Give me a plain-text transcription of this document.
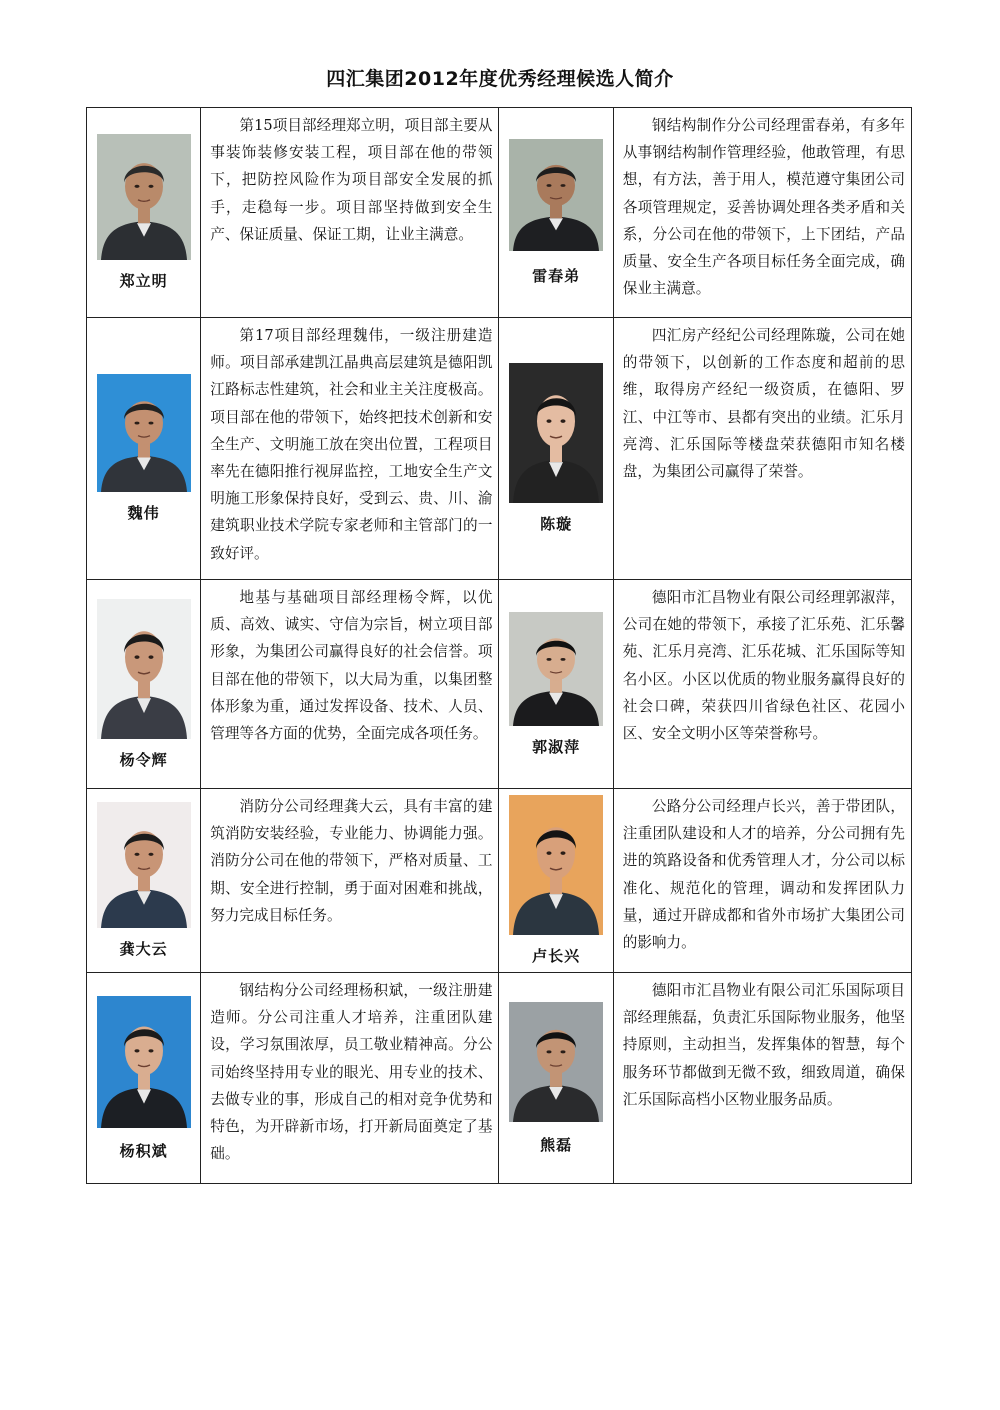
四汇集团2012年度优秀经理候选人简介
郑立明	第15项目部经理郑立明，项目部主要从事装饰装修安装工程，项目部在他的带领下，把防控风险作为项目部安全发展的抓手，走稳每一步。项目部坚持做到安全生产、保证质量、保证工期，让业主满意。	雷春弟	钢结构制作分公司经理雷春弟，有多年从事钢结构制作管理经验，他敢管理，有思想，有方法，善于用人，模范遵守集团公司各项管理规定，妥善协调处理各类矛盾和关系，分公司在他的带领下，上下团结，产品质量、安全生产各项目标任务全面完成，确保业主满意。

魏伟	第17项目部经理魏伟，一级注册建造师。项目部承建凯江晶典高层建筑是德阳凯江路标志性建筑，社会和业主关注度极高。项目部在他的带领下，始终把技术创新和安全生产、文明施工放在突出位置，工程项目率先在德阳推行视屏监控，工地安全生产文明施工形象保持良好，受到云、贵、川、渝建筑职业技术学院专家老师和主管部门的一致好评。	陈璇	四汇房产经纪公司经理陈璇，公司在她的带领下，以创新的工作态度和超前的思维，取得房产经纪一级资质，在德阳、罗江、中江等市、县都有突出的业绩。汇乐月亮湾、汇乐国际等楼盘荣获德阳市知名楼盘，为集团公司赢得了荣誉。

杨令辉	地基与基础项目部经理杨令辉，以优质、高效、诚实、守信为宗旨，树立项目部形象，为集团公司赢得良好的社会信誉。项目部在他的带领下，以大局为重，以集团整体形象为重，通过发挥设备、技术、人员、管理等各方面的优势，全面完成各项任务。	郭淑萍	德阳市汇昌物业有限公司经理郭淑萍，公司在她的带领下，承接了汇乐苑、汇乐馨苑、汇乐月亮湾、汇乐花城、汇乐国际等知名小区。小区以优质的物业服务赢得良好的社会口碑，荣获四川省绿色社区、花园小区、安全文明小区等荣誉称号。

龚大云	消防分公司经理龚大云，具有丰富的建筑消防安装经验，专业能力、协调能力强。消防分公司在他的带领下，严格对质量、工期、安全进行控制，勇于面对困难和挑战，努力完成目标任务。	卢长兴	公路分公司经理卢长兴，善于带团队，注重团队建设和人才的培养，分公司拥有先进的筑路设备和优秀管理人才，分公司以标准化、规范化的管理，调动和发挥团队力量，通过开辟成都和省外市场扩大集团公司的影响力。

杨积斌	钢结构分公司经理杨积斌，一级注册建造师。分公司注重人才培养，注重团队建设，学习氛围浓厚，员工敬业精神高。分公司始终坚持用专业的眼光、用专业的技术、去做专业的事，形成自己的相对竞争优势和特色，为开辟新市场，打开新局面奠定了基础。	熊磊	德阳市汇昌物业有限公司汇乐国际项目部经理熊磊，负责汇乐国际物业服务，他坚持原则，主动担当，发挥集体的智慧，每个服务环节都做到无微不致，细致周道，确保汇乐国际高档小区物业服务品质。
